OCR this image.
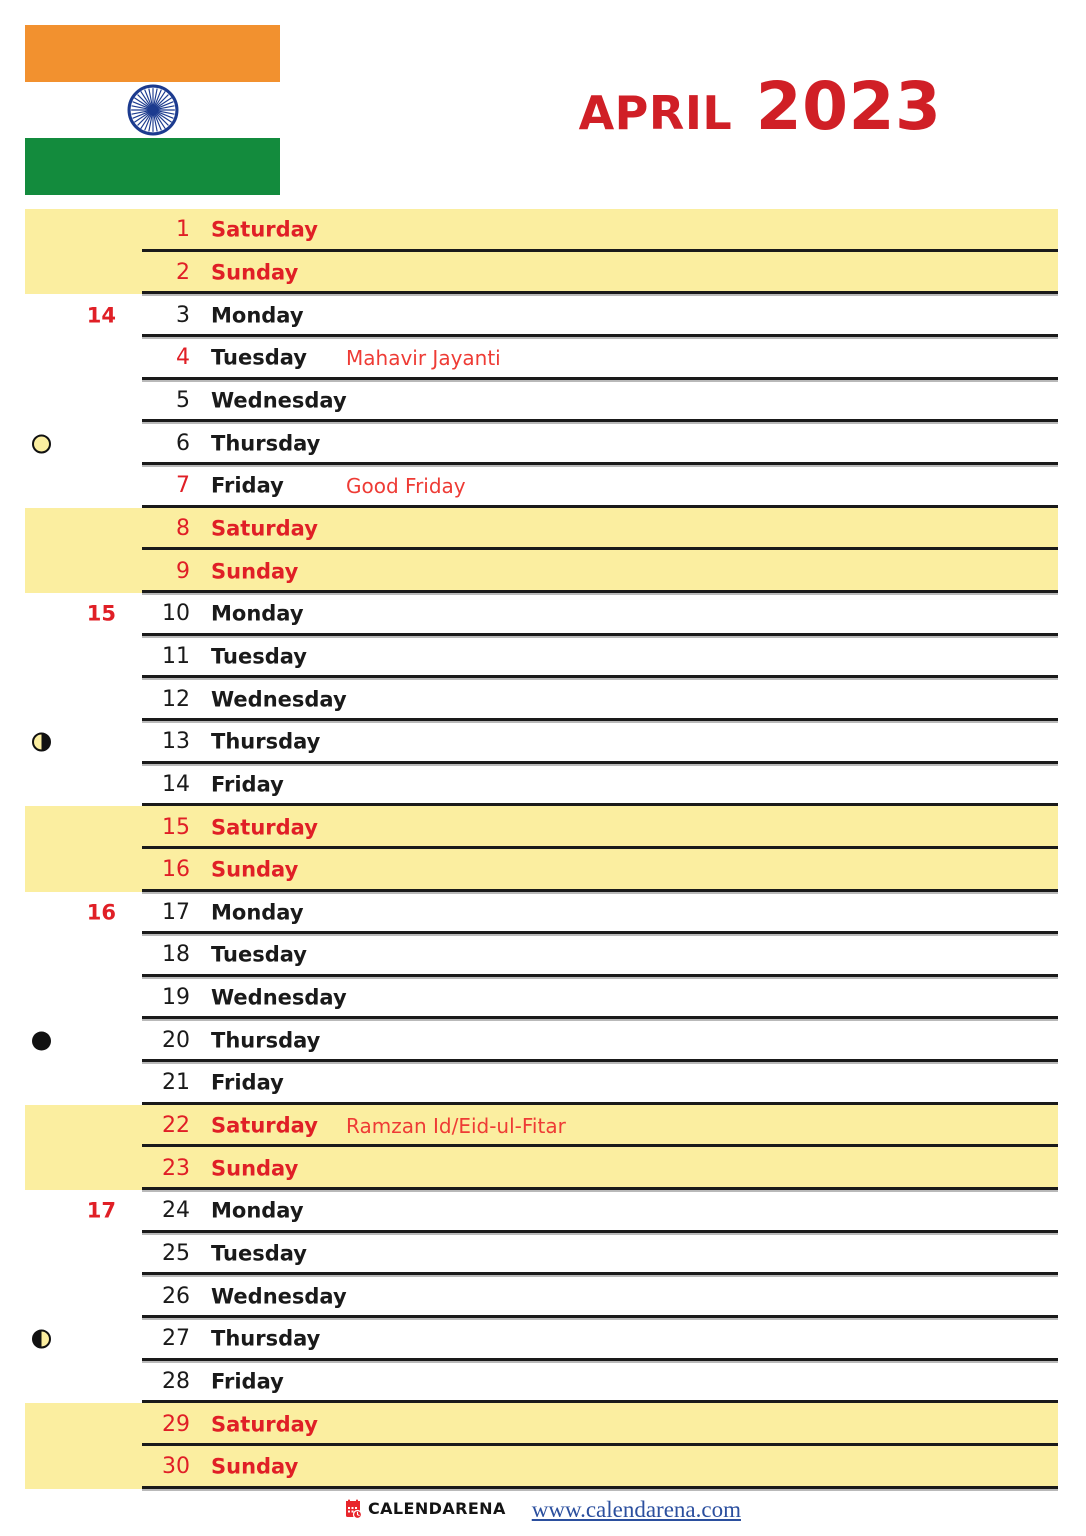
april 2023
1 Saturday
2 Sunday
14	3 Monday
4 Tuesday Mahavir Jayanti
5 Wednesday
6 Thursday
7 Friday	Good Friday
8 Saturday
9 Sunday
15	10 Monday
11 Tuesday
12 Wednesday
13 Thursday
14 Friday
15 Saturday
16 Sunday
16	17 Monday
18 Tuesday
19 Wednesday
20 Thursday
21 Friday
22 Saturday Ramzan Id/Eid-ul-Fitar
23 Sunday
17	24 Monday
25 Tuesday
26 Wednesday
27 Thursday
28 Friday
29 Saturday
30 Sunday
CALENDARENA www.calendarena.com
